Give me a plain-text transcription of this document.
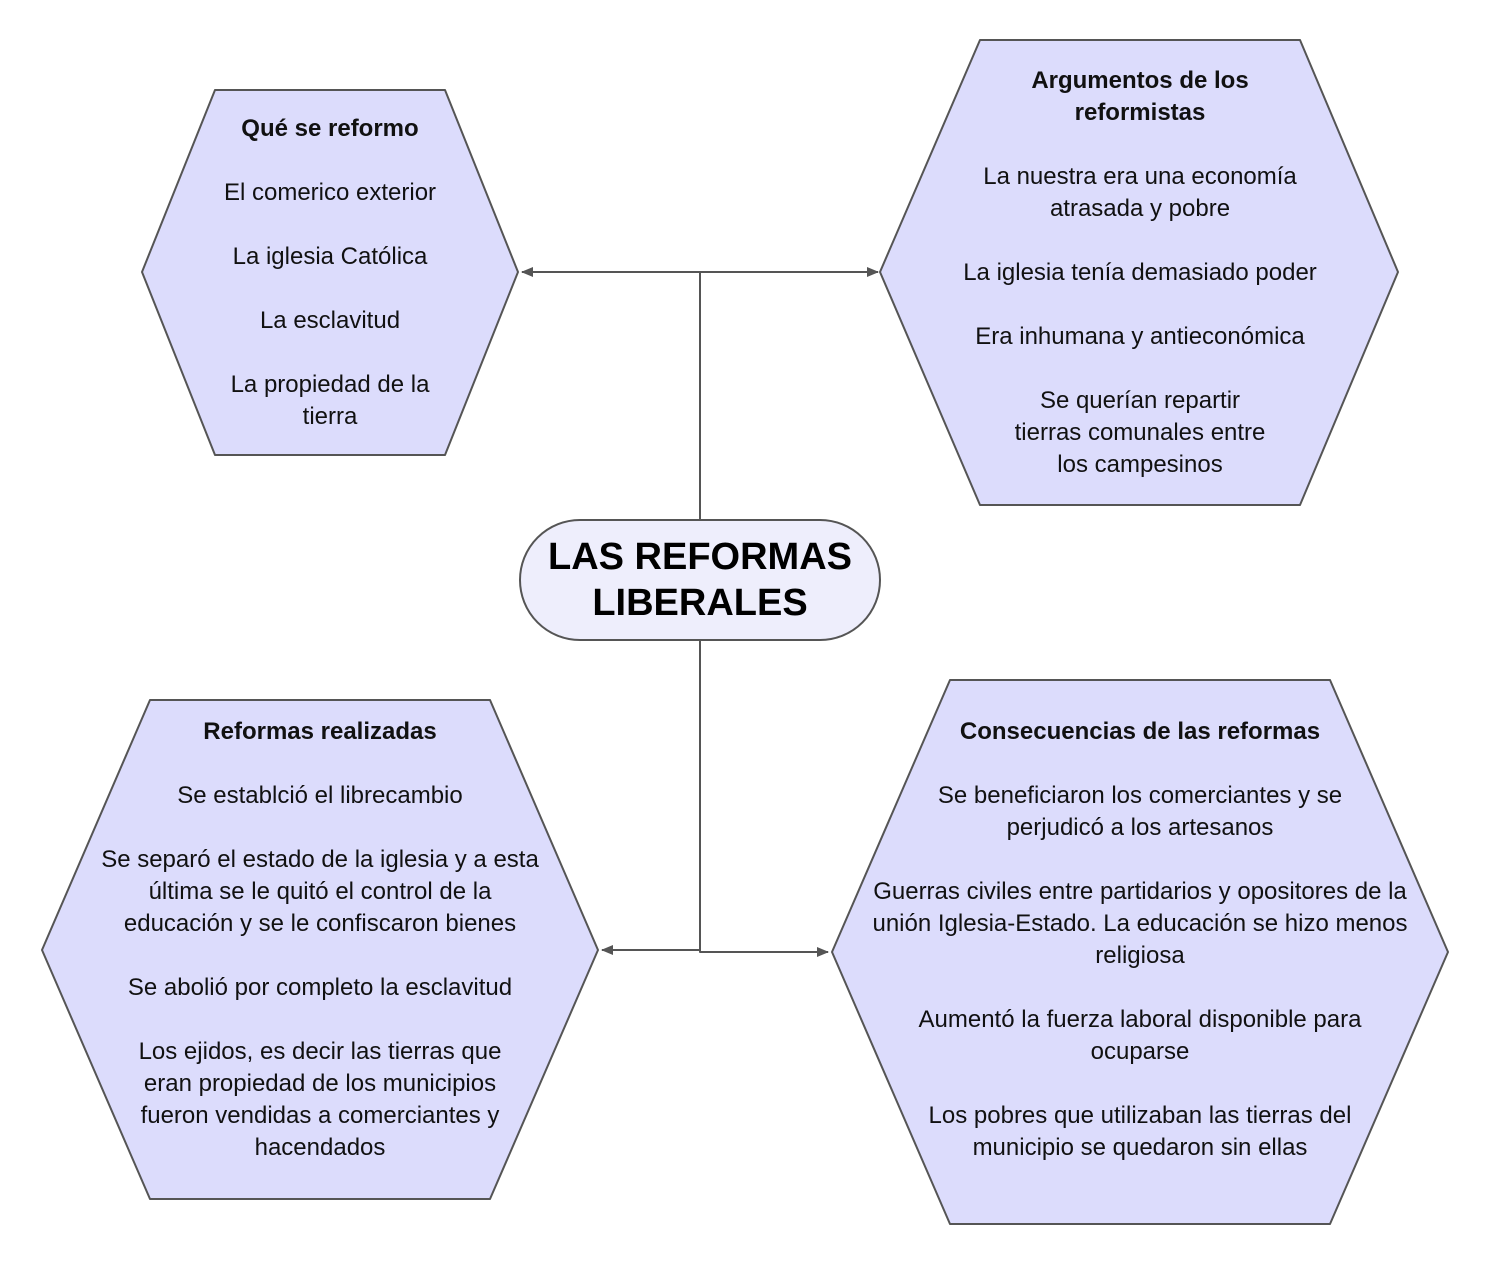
LAS REFORMAS
LIBERALES

Qué se reformo

El comerico exterior

La iglesia Católica

La esclavitud

La propiedad de la tierra

Argumentos de los reformistas

La nuestra era una economía atrasada y pobre

La iglesia tenía demasiado poder

Era inhumana y antieconómica

Se querían repartir tierras comunales entre los campesinos

Reformas realizadas

Se establció el librecambio

Se separó el estado de la iglesia y a esta última se le quitó el control de la educación y se le confiscaron bienes

Se abolió por completo la esclavitud

Los ejidos, es decir las tierras que eran propiedad de los municipios fueron vendidas a comerciantes y hacendados

Consecuencias de las reformas

Se beneficiaron los comerciantes y se perjudicó a los artesanos

Guerras civiles entre partidarios y opositores de la unión Iglesia-Estado. La educación se hizo menos religiosa

Aumentó la fuerza laboral disponible para ocuparse

Los pobres que utilizaban las tierras del municipio se quedaron sin ellas
